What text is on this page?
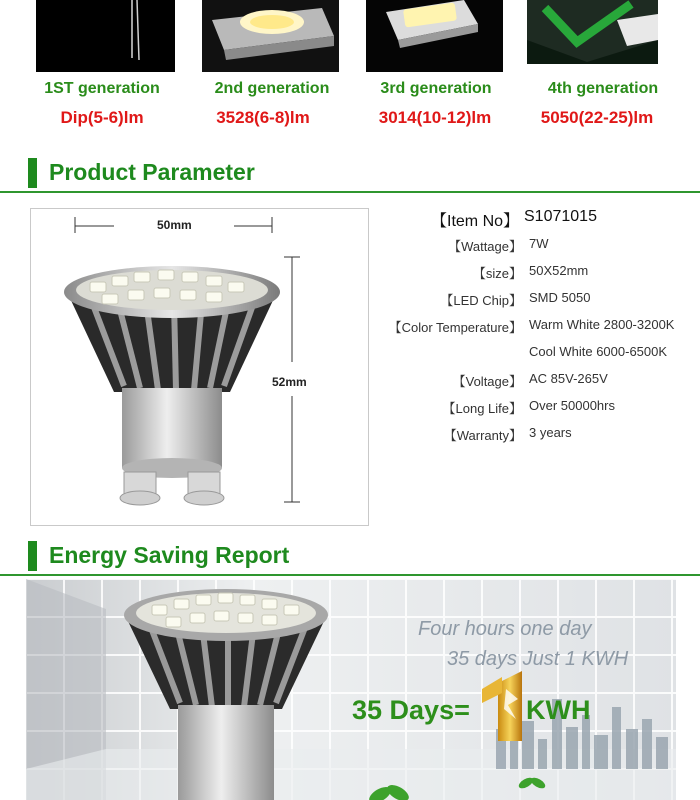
1ST generation
Dip(5-6)lm
2nd generation
3528(6-8)lm
3rd generation
3014(10-12)lm
4th generation
5050(22-25)lm
Product Parameter
50mm
52mm
【Item No】 S1071015
【Wattage】 7W
【size】 50X52mm
【LED Chip】 SMD 5050
【Color Temperature】 Warm White 2800-3200K
Cool White 6000-6500K
【Voltage】 AC 85V-265V
【Long Life】 Over 50000hrs
【Warranty】 3 years
Energy Saving Report
Four hours one day
35 days Just 1 KWH
35 Days= KWH
